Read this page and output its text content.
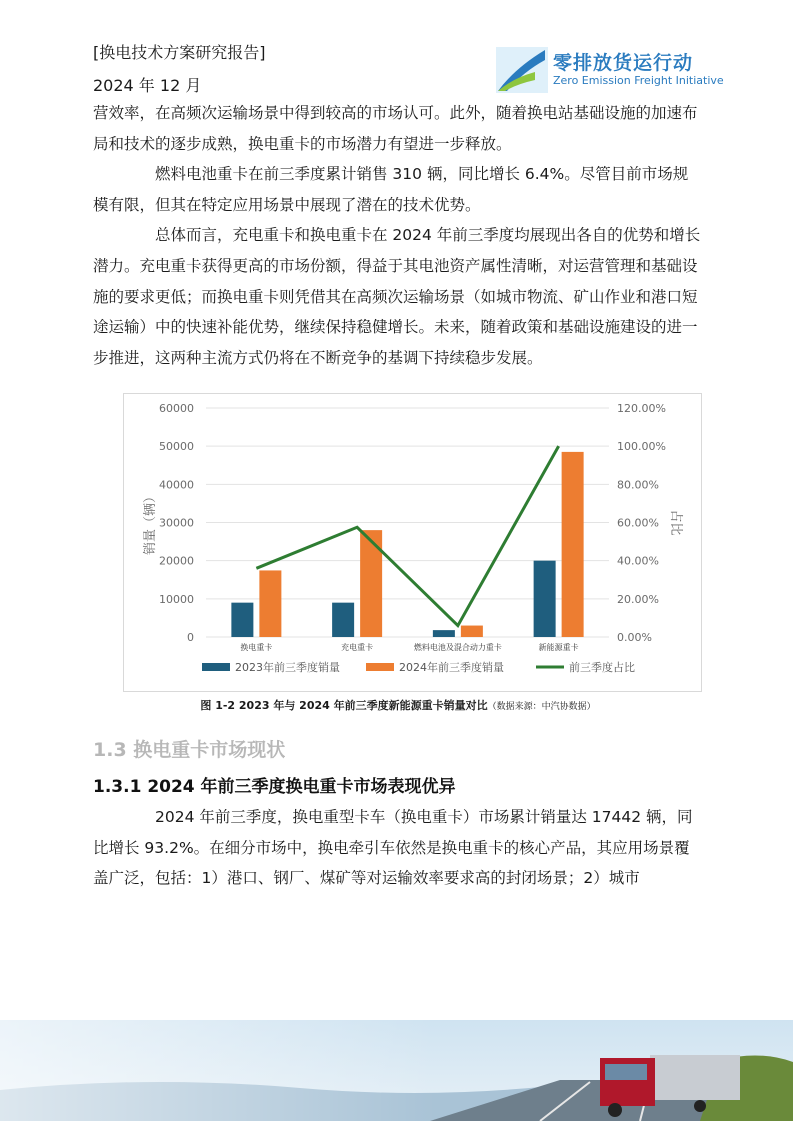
[换电技术方案研究报告]
2024 年 12 月
零排放货运行动
Zero Emission Freight Initiative

营效率，在高频次运输场景中得到较高的市场认可。此外，随着换电站基础设施的加速布局和技术的逐步成熟，换电重卡的市场潜力有望进一步释放。

燃料电池重卡在前三季度累计销售 310 辆，同比增长 6.4%。尽管目前市场规模有限，但其在特定应用场景中展现了潜在的技术优势。

总体而言，充电重卡和换电重卡在 2024 年前三季度均展现出各自的优势和增长潜力。充电重卡获得更高的市场份额，得益于其电池资产属性清晰，对运营管理和基础设施的要求更低；而换电重卡则凭借其在高频次运输场景（如城市物流、矿山作业和港口短途运输）中的快速补能优势，继续保持稳健增长。未来，随着政策和基础设施建设的进一步推进，这两种主流方式仍将在不断竞争的基调下持续稳步发展。

0
10000
20000
30000
40000
50000
60000
0.00%
20.00%
40.00%
60.00%
80.00%
100.00%
120.00%
销量（辆）	占比
换电重卡	充电重卡	燃料电池及混合动力重卡	新能源重卡
2023年前三季度销量	2024年前三季度销量	前三季度占比
图 1-2 2023 年与 2024 年前三季度新能源重卡销量对比（数据来源：中汽协数据）
1.3 换电重卡市场现状
1.3.1 2024 年前三季度换电重卡市场表现优异

2024 年前三季度，换电重型卡车（换电重卡）市场累计销量达 17442 辆，同比增长 93.2%。在细分市场中，换电牵引车依然是换电重卡的核心产品，其应用场景覆盖广泛，包括：1）港口、钢厂、煤矿等对运输效率要求高的封闭场景；2）城市
